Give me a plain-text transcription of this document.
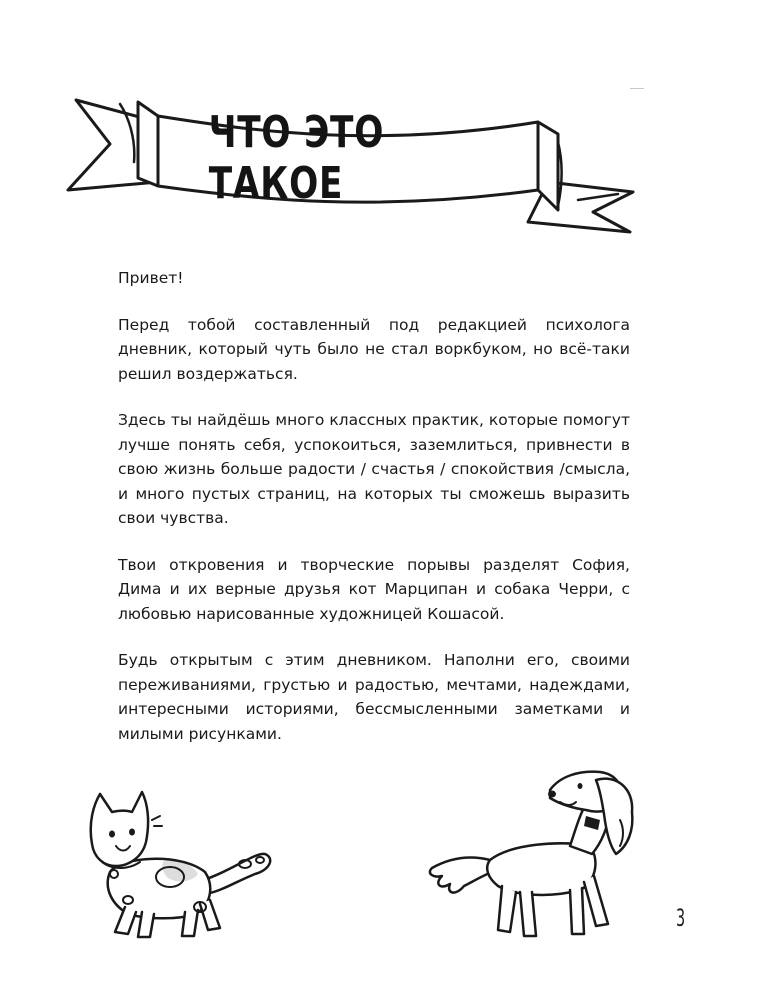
ЧТО ЭТО ТАКОЕ

Привет!

Перед тобой составленный под редакцией психолога дневник, который чуть было не стал воркбуком, но всё-таки решил воздержаться.

Здесь ты найдёшь много классных практик, которые помогут лучше понять себя, успокоиться, заземлиться, привнести в свою жизнь больше радости / счастья / спокойствия /смысла, и много пустых страниц, на которых ты сможешь выразить свои чувства.

Твои откровения и творческие порывы разделят София, Дима и их верные друзья кот Марципан и собака Черри, с любовью нарисованные художницей Кошасой.

Будь открытым с этим дневником. Наполни его, своими переживаниями, грустью и радостью, мечтами, надеждами, интересными историями, бессмысленными заметками и милыми рисунками.

3
